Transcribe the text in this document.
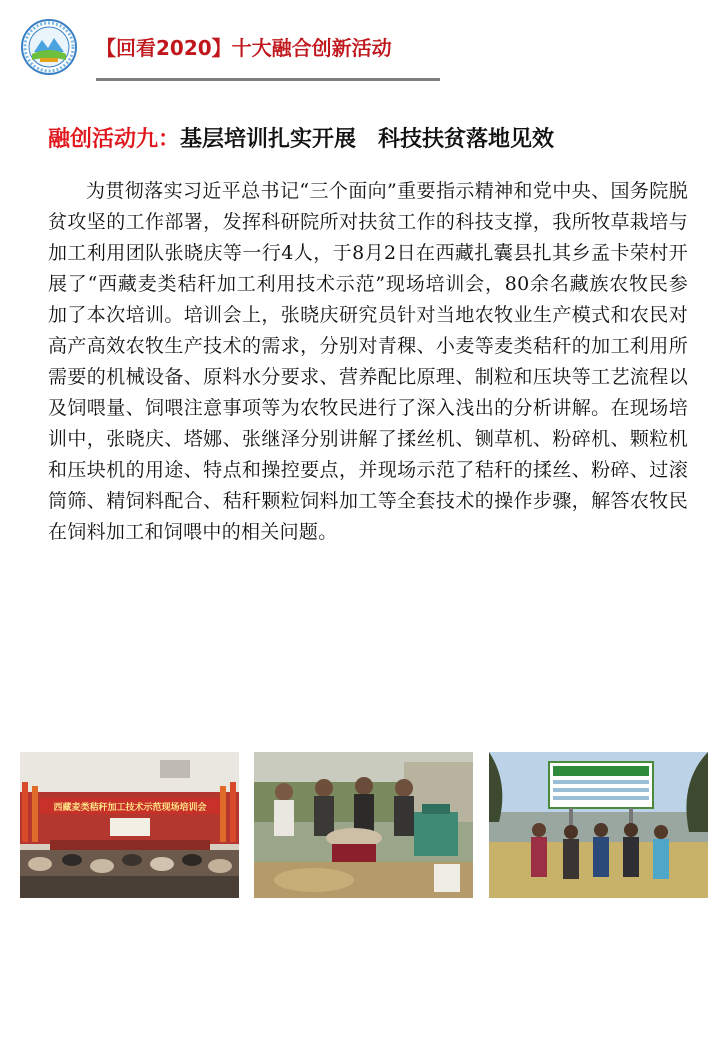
【回看2020】十大融合创新活动
融创活动九：基层培训扎实开展　科技扶贫落地见效
为贯彻落实习近平总书记“三个面向”重要指示精神和党中央、国务院脱贫攻坚的工作部署，发挥科研院所对扶贫工作的科技支撑，我所牧草栽培与加工利用团队张晓庆等一行4人，于8月2日在西藏扎囊县扎其乡孟卡荣村开展了“西藏麦类秸秆加工利用技术示范”现场培训会，80余名藏族农牧民参加了本次培训。培训会上，张晓庆研究员针对当地农牧业生产模式和农民对高产高效农牧生产技术的需求，分别对青稞、小麦等麦类秸秆的加工利用所需要的机械设备、原料水分要求、营养配比原理、制粒和压块等工艺流程以及饲喂量、饲喂注意事项等为农牧民进行了深入浅出的分析讲解。在现场培训中，张晓庆、塔娜、张继泽分别讲解了揉丝机、铡草机、粉碎机、颗粒机和压块机的用途、特点和操控要点，并现场示范了秸秆的揉丝、粉碎、过滚筒筛、精饲料配合、秸秆颗粒饲料加工等全套技术的操作步骤，解答农牧民在饲料加工和饲喂中的相关问题。
西藏麦类秸秆加工技术示范现场培训会
